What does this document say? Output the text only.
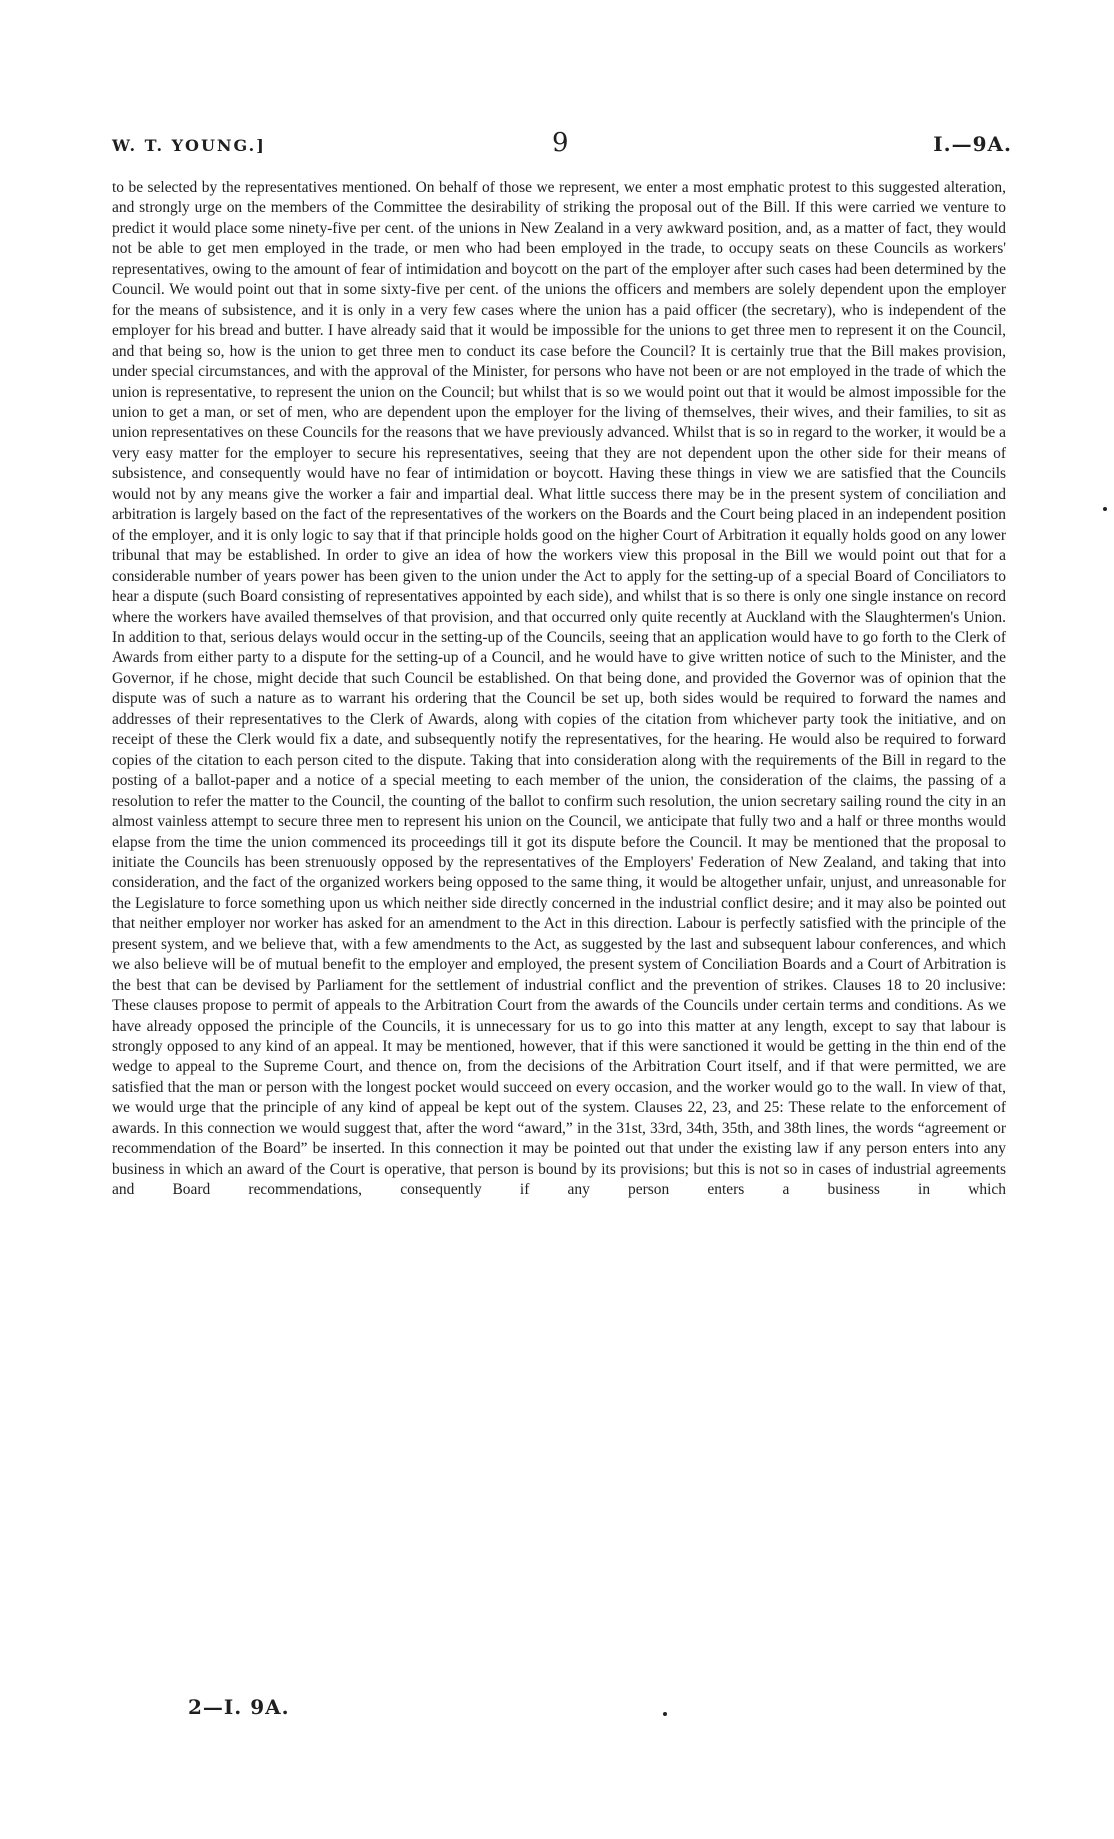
W. T. YOUNG.]	9	I.—9A.
to be selected by the representatives mentioned. On behalf of those we represent, we enter a most emphatic protest to this suggested alteration, and strongly urge on the members of the Committee the desirability of striking the proposal out of the Bill. If this were carried we venture to predict it would place some ninety-five per cent. of the unions in New Zealand in a very awkward position, and, as a matter of fact, they would not be able to get men employed in the trade, or men who had been employed in the trade, to occupy seats on these Councils as workers' representatives, owing to the amount of fear of intimidation and boycott on the part of the employer after such cases had been determined by the Council. We would point out that in some sixty-five per cent. of the unions the officers and members are solely dependent upon the employer for the means of subsistence, and it is only in a very few cases where the union has a paid officer (the secretary), who is independent of the employer for his bread and butter. I have already said that it would be impossible for the unions to get three men to represent it on the Council, and that being so, how is the union to get three men to conduct its case before the Council? It is certainly true that the Bill makes provision, under special circumstances, and with the approval of the Minister, for persons who have not been or are not employed in the trade of which the union is representative, to represent the union on the Council; but whilst that is so we would point out that it would be almost impossible for the union to get a man, or set of men, who are dependent upon the employer for the living of themselves, their wives, and their families, to sit as union representatives on these Councils for the reasons that we have previously advanced. Whilst that is so in regard to the worker, it would be a very easy matter for the employer to secure his representatives, seeing that they are not dependent upon the other side for their means of subsistence, and consequently would have no fear of intimidation or boycott. Having these things in view we are satisfied that the Councils would not by any means give the worker a fair and impartial deal. What little success there may be in the present system of conciliation and arbitration is largely based on the fact of the representatives of the workers on the Boards and the Court being placed in an independent position of the employer, and it is only logic to say that if that principle holds good on the higher Court of Arbitration it equally holds good on any lower tribunal that may be established. In order to give an idea of how the workers view this proposal in the Bill we would point out that for a considerable number of years power has been given to the union under the Act to apply for the setting-up of a special Board of Conciliators to hear a dispute (such Board consisting of representatives appointed by each side), and whilst that is so there is only one single instance on record where the workers have availed themselves of that provision, and that occurred only quite recently at Auckland with the Slaughtermen's Union. In addition to that, serious delays would occur in the setting-up of the Councils, seeing that an application would have to go forth to the Clerk of Awards from either party to a dispute for the setting-up of a Council, and he would have to give written notice of such to the Minister, and the Governor, if he chose, might decide that such Council be established. On that being done, and provided the Governor was of opinion that the dispute was of such a nature as to warrant his ordering that the Council be set up, both sides would be required to forward the names and addresses of their representatives to the Clerk of Awards, along with copies of the citation from whichever party took the initiative, and on receipt of these the Clerk would fix a date, and subsequently notify the representatives, for the hearing. He would also be required to forward copies of the citation to each person cited to the dispute. Taking that into consideration along with the requirements of the Bill in regard to the posting of a ballot-paper and a notice of a special meeting to each member of the union, the consideration of the claims, the passing of a resolution to refer the matter to the Council, the counting of the ballot to confirm such resolution, the union secretary sailing round the city in an almost vainless attempt to secure three men to represent his union on the Council, we anticipate that fully two and a half or three months would elapse from the time the union commenced its proceedings till it got its dispute before the Council. It may be mentioned that the proposal to initiate the Councils has been strenuously opposed by the representatives of the Employers' Federation of New Zealand, and taking that into consideration, and the fact of the organized workers being opposed to the same thing, it would be altogether unfair, unjust, and unreasonable for the Legislature to force something upon us which neither side directly concerned in the industrial conflict desire; and it may also be pointed out that neither employer nor worker has asked for an amendment to the Act in this direction. Labour is perfectly satisfied with the principle of the present system, and we believe that, with a few amendments to the Act, as suggested by the last and subsequent labour conferences, and which we also believe will be of mutual benefit to the employer and employed, the present system of Conciliation Boards and a Court of Arbitration is the best that can be devised by Parliament for the settlement of industrial conflict and the prevention of strikes. Clauses 18 to 20 inclusive: These clauses propose to permit of appeals to the Arbitration Court from the awards of the Councils under certain terms and conditions. As we have already opposed the principle of the Councils, it is unnecessary for us to go into this matter at any length, except to say that labour is strongly opposed to any kind of an appeal. It may be mentioned, however, that if this were sanctioned it would be getting in the thin end of the wedge to appeal to the Supreme Court, and thence on, from the decisions of the Arbitration Court itself, and if that were permitted, we are satisfied that the man or person with the longest pocket would succeed on every occasion, and the worker would go to the wall. In view of that, we would urge that the principle of any kind of appeal be kept out of the system. Clauses 22, 23, and 25: These relate to the enforcement of awards. In this connection we would suggest that, after the word “award,” in the 31st, 33rd, 34th, 35th, and 38th lines, the words “agreement or recommendation of the Board” be inserted. In this connection it may be pointed out that under the existing law if any person enters into any business in which an award of the Court is operative, that person is bound by its provisions; but this is not so in cases of industrial agreements and Board recommendations, consequently if any person enters a business in which
2—I. 9A.
